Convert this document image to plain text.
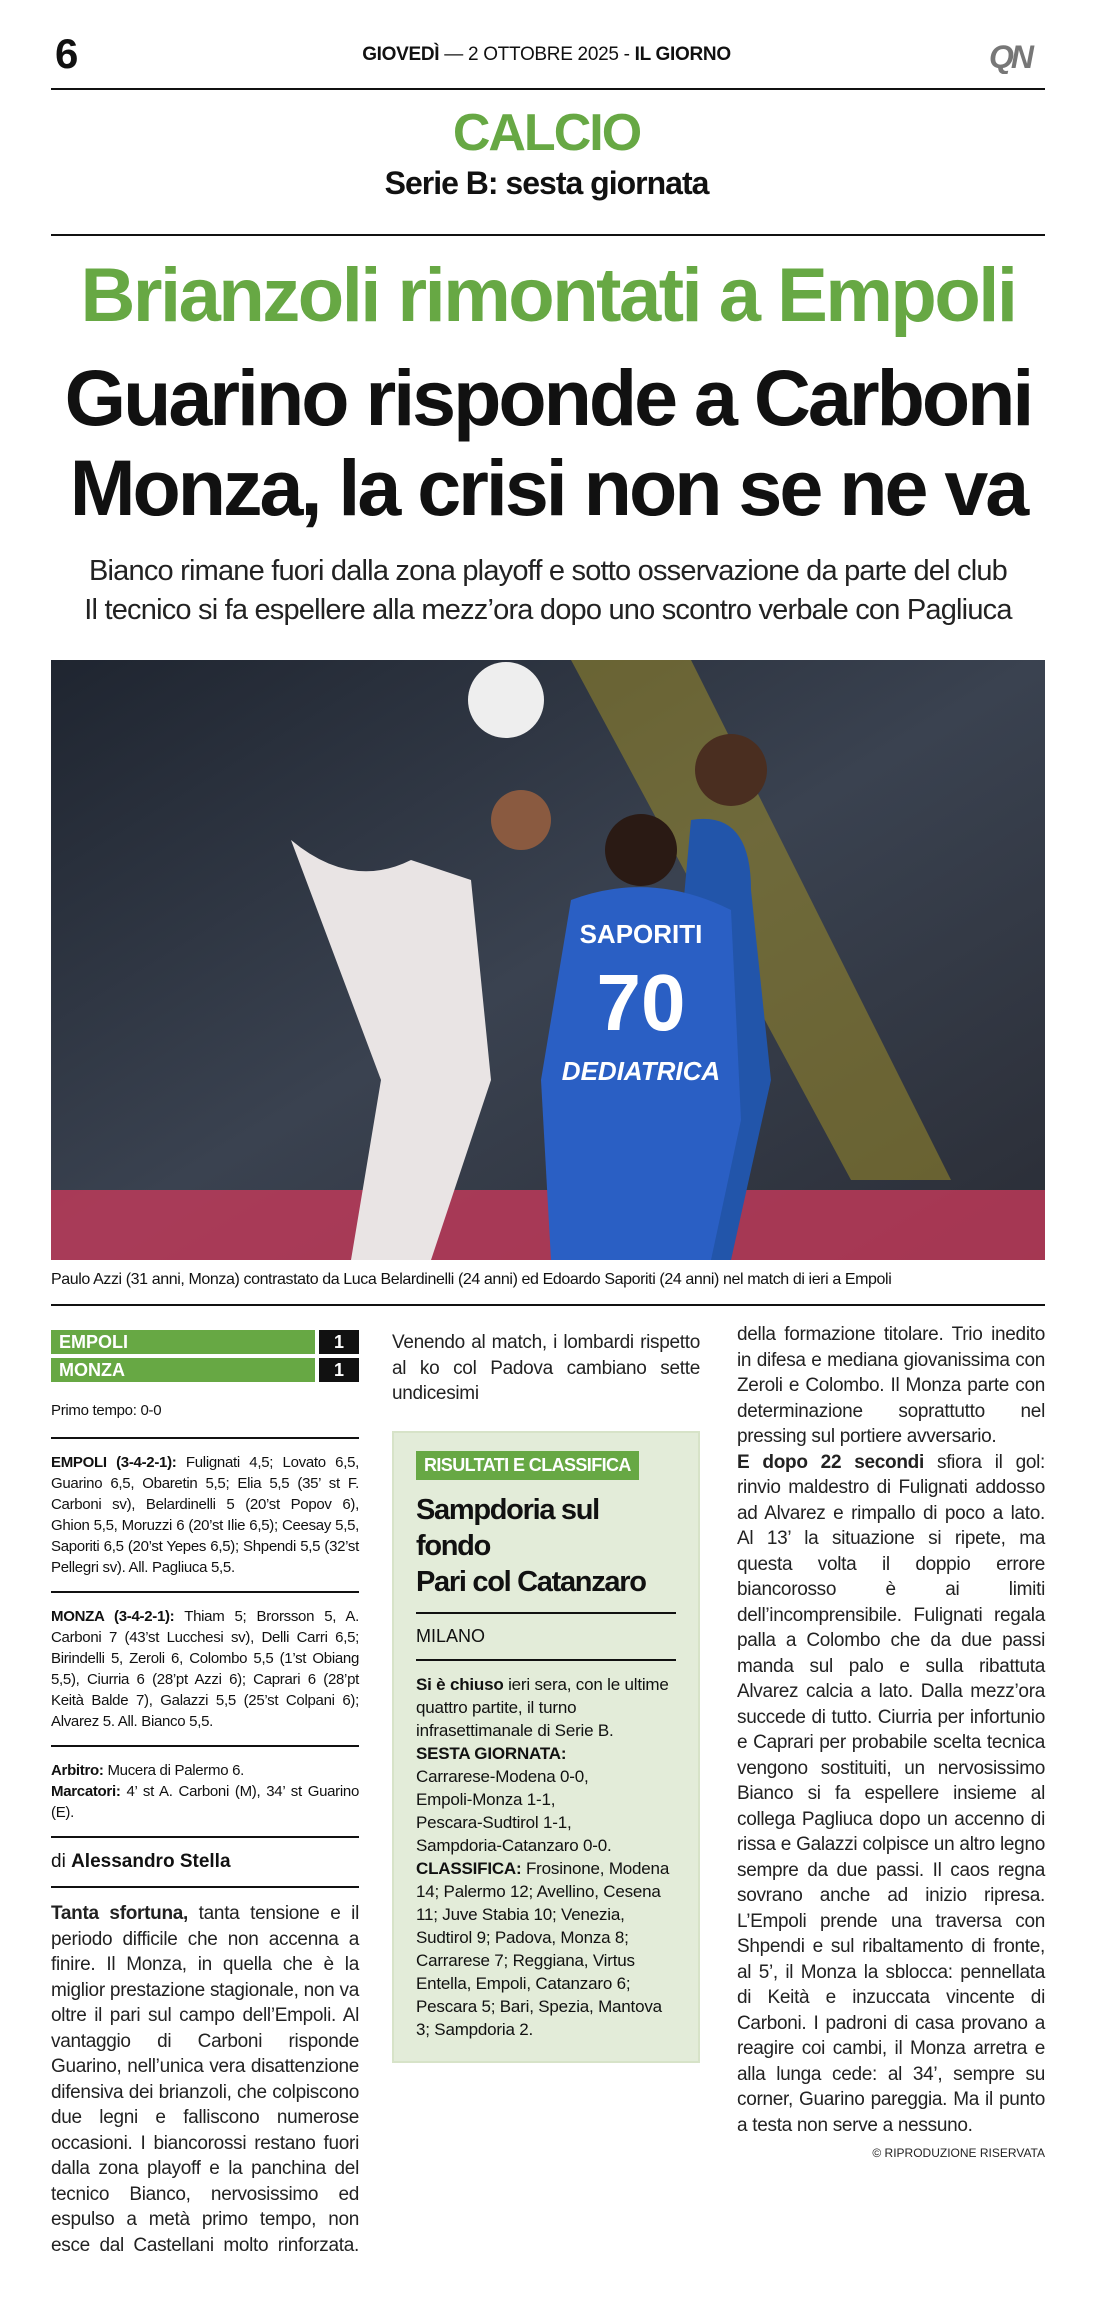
6	GIOVEDÌ — 2 OTTOBRE 2025 - IL GIORNO	QN
CALCIO
Serie B: sesta giornata
Brianzoli rimontati a Empoli
Guarino risponde a Carboni
Monza, la crisi non se ne va
Bianco rimane fuori dalla zona playoff e sotto osservazione da parte del club
Il tecnico si fa espellere alla mezz’ora dopo uno scontro verbale con Pagliuca
SAPORITI
70
DEDIATRICA
Paulo Azzi (31 anni, Monza) contrastato da Luca Belardinelli (24 anni) ed Edoardo Saporiti (24 anni) nel match di ieri a Empoli
EMPOLI	1
MONZA	1
Primo tempo: 0-0

EMPOLI (3-4-2-1): Fulignati 4,5; Lovato 6,5, Guarino 6,5, Obaretin 5,5; Elia 5,5 (35’ st F. Carboni sv), Belardinelli 5 (20’st Popov 6), Ghion 5,5, Moruzzi 6 (20’st Ilie 6,5); Ceesay 5,5, Saporiti 6,5 (20’st Yepes 6,5); Shpendi 5,5 (32’st Pellegri sv). All. Pagliuca 5,5.

MONZA (3-4-2-1): Thiam 5; Brorsson 5, A. Carboni 7 (43’st Lucchesi sv), Delli Carri 6,5; Birindelli 5, Zeroli 6, Colombo 5,5 (1’st Obiang 5,5), Ciurria 6 (28’pt Azzi 6); Caprari 6 (28’pt Keità Balde 7), Galazzi 5,5 (25’st Colpani 6); Alvarez 5. All. Bianco 5,5.

Arbitro: Mucera di Palermo 6.

Marcatori: 4’ st A. Carboni (M), 34’ st Guarino (E).

di Alessandro Stella

Tanta sfortuna, tanta tensione e il periodo difficile che non accenna a finire. Il Monza, in quella che è la miglior prestazione stagionale, non va oltre il pari sul campo dell’Empoli. Al vantaggio di Carboni risponde Guarino, nell’unica vera disattenzione difensiva dei brianzoli, che colpiscono due legni e falliscono numerose occasioni. I biancorossi restano fuori dalla zona playoff e la panchina del tecnico Bianco, nervosissimo ed espulso a metà primo tempo, non esce dal Castellani molto rinforzata. Venendo al match, i lombardi rispetto al ko col Padova cambiano sette undicesimi

RISULTATI E CLASSIFICA
Sampdoria sul fondo
Pari col Catanzaro
MILANO
Si è chiuso ieri sera, con le ultime quattro partite, il turno infrasettimanale di Serie B.
SESTA GIORNATA:
Carrarese-Modena 0-0,
Empoli-Monza 1-1,
Pescara-Sudtirol 1-1,
Sampdoria-Catanzaro 0-0.
CLASSIFICA: Frosinone, Modena 14; Palermo 12; Avellino, Cesena 11; Juve Stabia 10; Venezia, Sudtirol 9; Padova, Monza 8; Carrarese 7; Reggiana, Virtus Entella, Empoli, Catanzaro 6; Pescara 5; Bari, Spezia, Mantova 3; Sampdoria 2.

della formazione titolare. Trio inedito in difesa e mediana giovanissima con Zeroli e Colombo. Il Monza parte con determinazione soprattutto nel pressing sul portiere avversario.

E dopo 22 secondi sfiora il gol: rinvio maldestro di Fulignati addosso ad Alvarez e rimpallo di poco a lato. Al 13’ la situazione si ripete, ma questa volta il doppio errore biancorosso è ai limiti dell’incomprensibile. Fulignati regala palla a Colombo che da due passi manda sul palo e sulla ribattuta Alvarez calcia a lato. Dalla mezz’ora succede di tutto. Ciurria per infortunio e Caprari per probabile scelta tecnica vengono sostituiti, un nervosissimo Bianco si fa espellere insieme al collega Pagliuca dopo un accenno di rissa e Galazzi colpisce un altro legno sempre da due passi. Il caos regna sovrano anche ad inizio ripresa. L’Empoli prende una traversa con Shpendi e sul ribaltamento di fronte, al 5’, il Monza la sblocca: pennellata di Keità e inzuccata vincente di Carboni. I padroni di casa provano a reagire coi cambi, il Monza arretra e alla lunga cede: al 34’, sempre su corner, Guarino pareggia. Ma il punto a testa non serve a nessuno.

© RIPRODUZIONE RISERVATA
